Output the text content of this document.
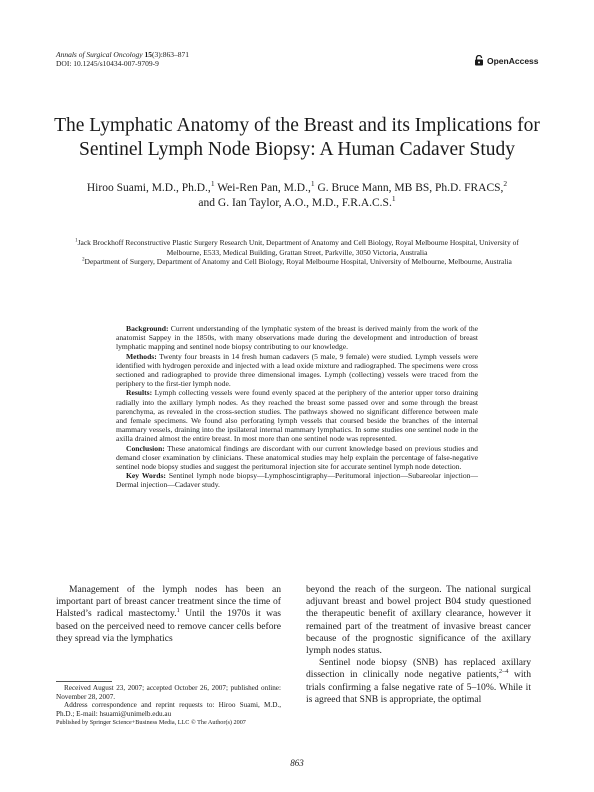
Annals of Surgical Oncology 15(3):863–871
DOI: 10.1245/s10434-007-9709-9	OpenAccess
The Lymphatic Anatomy of the Breast and its Implications for Sentinel Lymph Node Biopsy: A Human Cadaver Study
Hiroo Suami, M.D., Ph.D.,$^1$ Wei-Ren Pan, M.D.,$^1$ G. Bruce Mann, MB BS, Ph.D. FRACS,$^2$
and G. Ian Taylor, A.O., M.D., F.R.A.C.S.$^1$
$^1$Jack Brockhoff Reconstructive Plastic Surgery Research Unit, Department of Anatomy and Cell Biology, Royal Melbourne Hospital, University of Melbourne, E533, Medical Building, Grattan Street, Parkville, 3050 Victoria, Australia
$^2$Department of Surgery, Department of Anatomy and Cell Biology, Royal Melbourne Hospital, University of Melbourne, Melbourne, Australia

Background: Current understanding of the lymphatic system of the breast is derived mainly from the work of the anatomist Sappey in the 1850s, with many observations made during the development and introduction of breast lymphatic mapping and sentinel node biopsy contributing to our knowledge.

Methods: Twenty four breasts in 14 fresh human cadavers (5 male, 9 female) were studied. Lymph vessels were identified with hydrogen peroxide and injected with a lead oxide mixture and radiographed. The specimens were cross sectioned and radiographed to provide three dimensional images. Lymph (collecting) vessels were traced from the periphery to the first-tier lymph node.

Results: Lymph collecting vessels were found evenly spaced at the periphery of the anterior upper torso draining radially into the axillary lymph nodes. As they reached the breast some passed over and some through the breast parenchyma, as revealed in the cross-section studies. The pathways showed no significant difference between male and female specimens. We found also perforating lymph vessels that coursed beside the branches of the internal mammary vessels, draining into the ipsilateral internal mammary lymphatics. In some studies one sentinel node in the axilla drained almost the entire breast. In most more than one sentinel node was represented.

Conclusion: These anatomical findings are discordant with our current knowledge based on previous studies and demand closer examination by clinicians. These anatomical studies may help explain the percentage of false-negative sentinel node biopsy studies and suggest the peritumoral injection site for accurate sentinel lymph node detection.

Key Words: Sentinel lymph node biopsy—Lymphoscintigraphy—Peritumoral injection—Subareolar injection—Dermal injection—Cadaver study.

Management of the lymph nodes has been an important part of breast cancer treatment since the time of Halsted’s radical mastectomy.$^1$ Until the 1970s it was based on the perceived need to remove cancer cells before they spread via the lymphatics

Received August 23, 2007; accepted October 26, 2007; published online: November 28, 2007.

Address correspondence and reprint requests to: Hiroo Suami, M.D., Ph.D.; E-mail: hsuami@unimelb.edu.au

Published by Springer Science+Business Media, LLC © The Author(s) 2007

beyond the reach of the surgeon. The national surgical adjuvant breast and bowel project B04 study questioned the therapeutic benefit of axillary clearance, however it remained part of the treatment of invasive breast cancer because of the prognostic significance of the axillary lymph nodes status.

Sentinel node biopsy (SNB) has replaced axillary dissection in clinically node negative patients,$^{2-4}$ with trials confirming a false negative rate of 5–10%. While it is agreed that SNB is appropriate, the optimal

863
